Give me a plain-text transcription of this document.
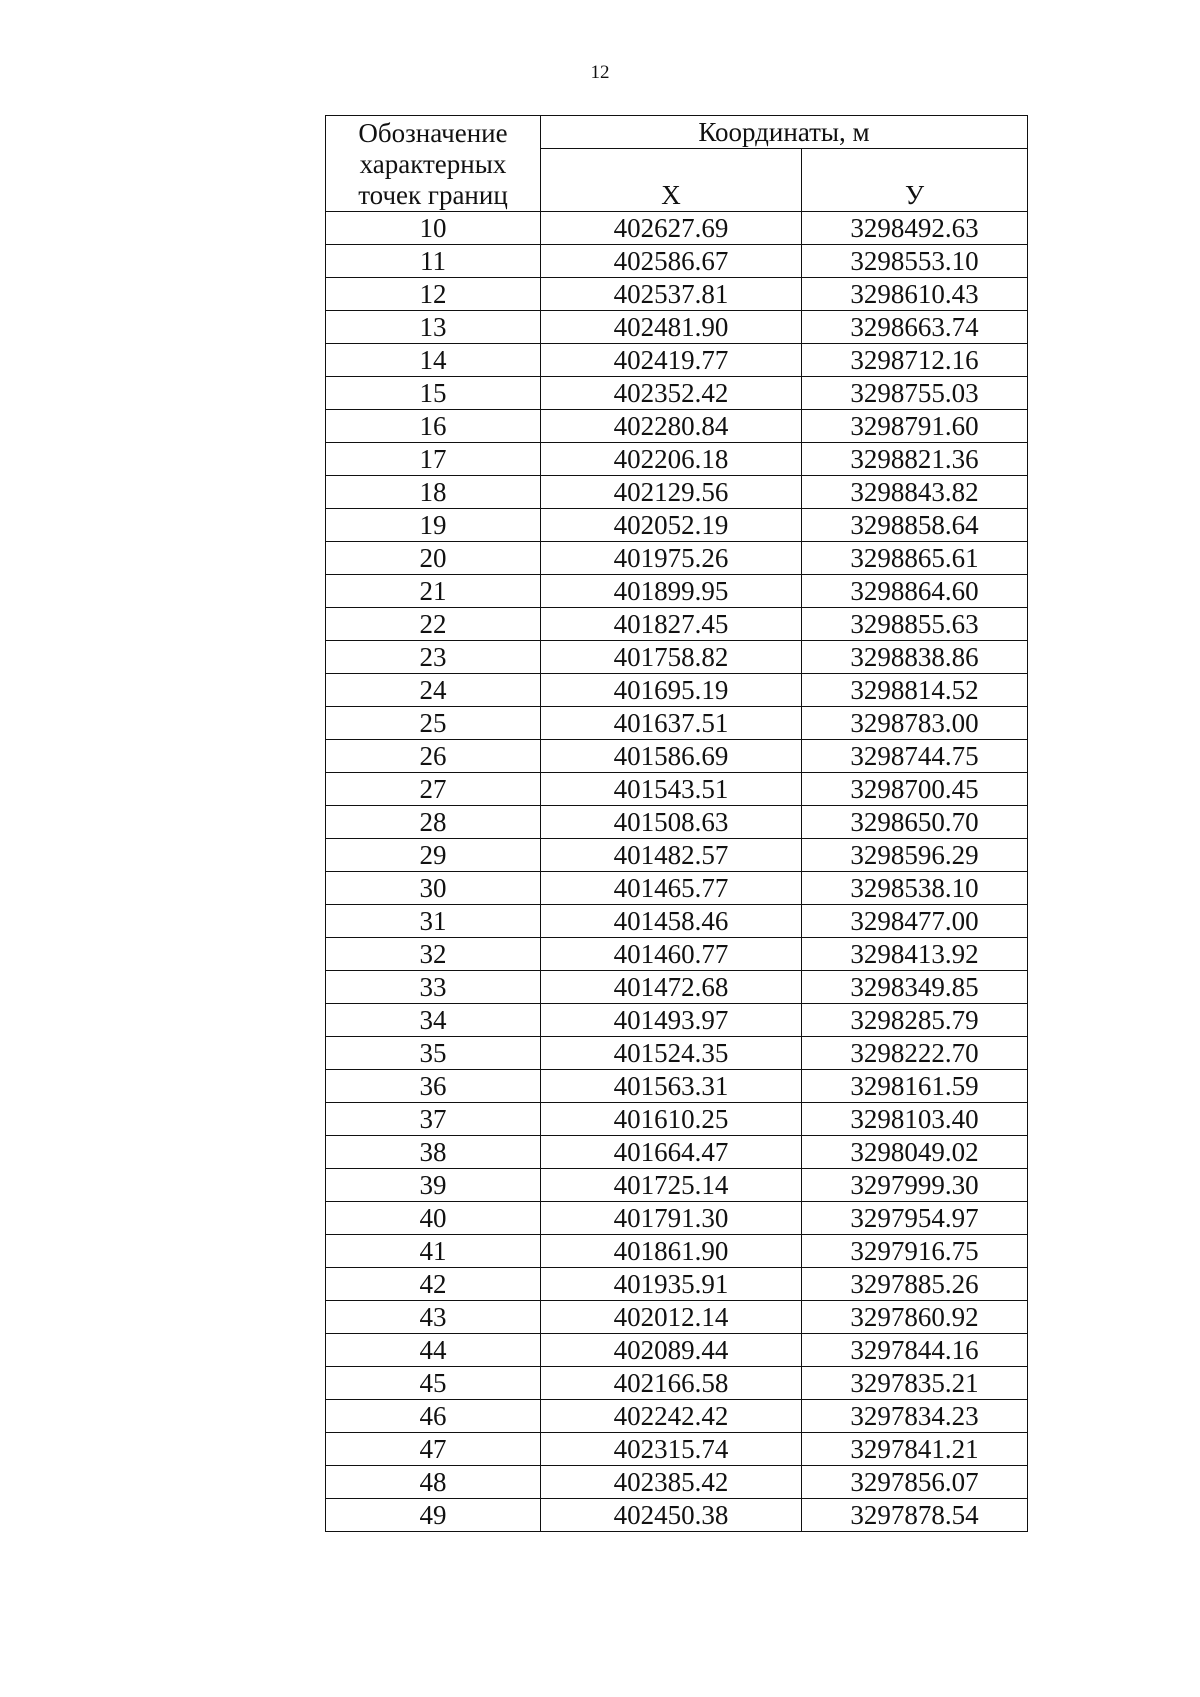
12
Обозначение характерных точек границ	Координаты, м	
	Х	У
10	402627.69	3298492.63
11	402586.67	3298553.10
12	402537.81	3298610.43
13	402481.90	3298663.74
14	402419.77	3298712.16
15	402352.42	3298755.03
16	402280.84	3298791.60
17	402206.18	3298821.36
18	402129.56	3298843.82
19	402052.19	3298858.64
20	401975.26	3298865.61
21	401899.95	3298864.60
22	401827.45	3298855.63
23	401758.82	3298838.86
24	401695.19	3298814.52
25	401637.51	3298783.00
26	401586.69	3298744.75
27	401543.51	3298700.45
28	401508.63	3298650.70
29	401482.57	3298596.29
30	401465.77	3298538.10
31	401458.46	3298477.00
32	401460.77	3298413.92
33	401472.68	3298349.85
34	401493.97	3298285.79
35	401524.35	3298222.70
36	401563.31	3298161.59
37	401610.25	3298103.40
38	401664.47	3298049.02
39	401725.14	3297999.30
40	401791.30	3297954.97
41	401861.90	3297916.75
42	401935.91	3297885.26
43	402012.14	3297860.92
44	402089.44	3297844.16
45	402166.58	3297835.21
46	402242.42	3297834.23
47	402315.74	3297841.21
48	402385.42	3297856.07
49	402450.38	3297878.54
